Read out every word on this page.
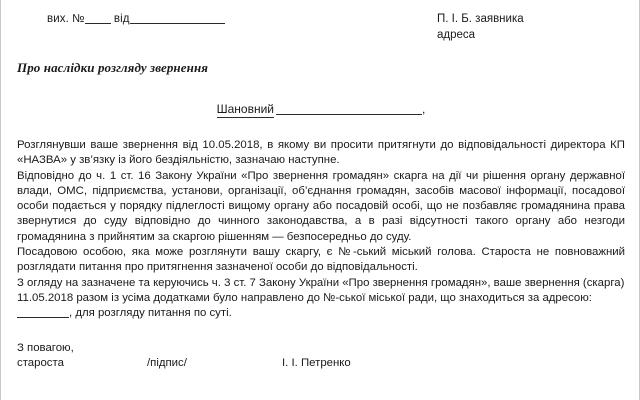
вих. №	від	П. І. Б. заявника
адреса
Про наслідки розгляду звернення
Шановний	,

Розглянувши ваше звернення від 10.05.2018, в якому ви просити притягнути до відповідальності директора КП «НАЗВА» у зв’язку із його бездіяльністю, зазначаю наступне.

Відповідно до ч. 1 ст. 16 Закону України «Про звернення громадян» скарга на дії чи рішення органу державної влади, ОМС, підприємства, установи, організації, об’єднання громадян, засобів масової інформації, посадової особи подається у порядку підлеглості вищому органу або посадовій особі, що не позбавляє громадянина права звернутися до суду відповідно до чинного законодавства, а в разі відсутності такого органу або незгоди громадянина з прийнятим за скаргою рішенням — безпосередньо до суду.

Посадовою особою, яка може розглянути вашу скаргу, є №-ський міський голова. Староста не повноважний розглядати питання про притягнення зазначеної особи до відповідальності.

З огляду на зазначене та керуючись ч. 3 ст. 7 Закону України «Про звернення громадян», ваше звернення (скарга) 11.05.2018 разом із усіма додатками було направлено до №-ської міської ради, що знаходиться за адресою: , для розгляду питання по суті.

З повагою,
староста	/підпис/	І. І. Петренко
